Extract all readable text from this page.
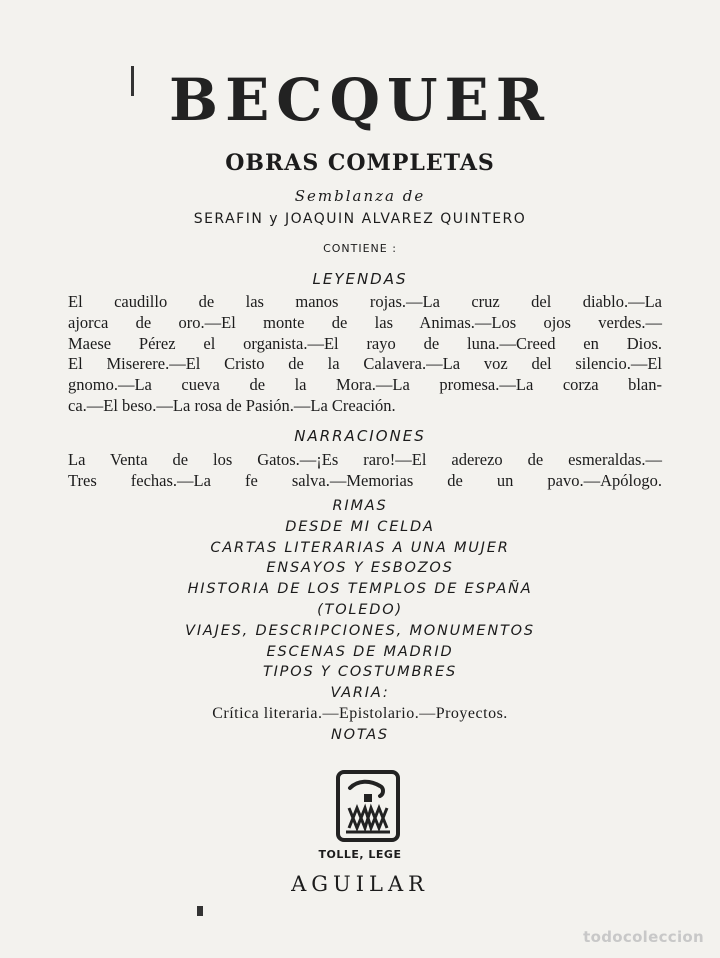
BECQUER
OBRAS COMPLETAS
Semblanza de
SERAFIN y JOAQUIN ALVAREZ QUINTERO
CONTIENE :
LEYENDAS
El caudillo de las manos rojas.—La cruz del diablo.—La
ajorca de oro.—El monte de las Animas.—Los ojos verdes.—
Maese Pérez el organista.—El rayo de luna.—Creed en Dios.
El Miserere.—El Cristo de la Calavera.—La voz del silencio.—El
gnomo.—La cueva de la Mora.—La promesa.—La corza blan-
ca.—El beso.—La rosa de Pasión.—La Creación.
NARRACIONES
La Venta de los Gatos.—¡Es raro!—El aderezo de esmeraldas.—
Tres fechas.—La fe salva.—Memorias de un pavo.—Apólogo.
RIMAS
DESDE MI CELDA
CARTAS LITERARIAS A UNA MUJER
ENSAYOS Y ESBOZOS
HISTORIA DE LOS TEMPLOS DE ESPAÑA
(TOLEDO)
VIAJES, DESCRIPCIONES, MONUMENTOS
ESCENAS DE MADRID
TIPOS Y COSTUMBRES
VARIA:
Crítica literaria.—Epistolario.—Proyectos.
NOTAS
TOLLE, LEGE
AGUILAR
todocoleccion
